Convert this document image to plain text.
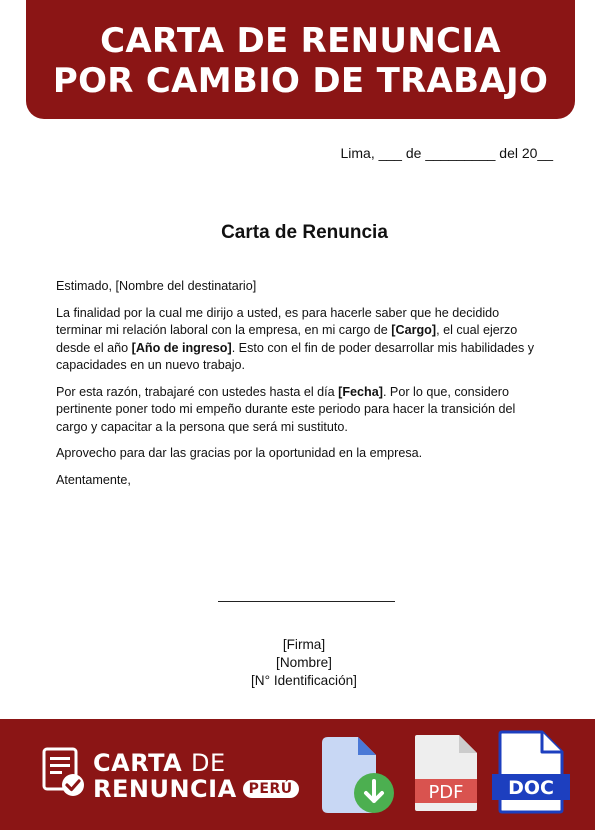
CARTA DE RENUNCIA
POR CAMBIO DE TRABAJO
Lima, ___ de _________ del 20__
Carta de Renuncia

Estimado, [Nombre del destinatario]

La finalidad por la cual me dirijo a usted, es para hacerle saber que he decidido terminar mi relación laboral con la empresa, en mi cargo de [Cargo], el cual ejerzo desde el año [Año de ingreso]. Esto con el fin de poder desarrollar mis habilidades y capacidades en un nuevo trabajo.

Por esta razón, trabajaré con ustedes hasta el día [Fecha]. Por lo que, considero pertinente poner todo mi empeño durante este periodo para hacer la transición del cargo y capacitar a la persona que será mi sustituto.

Aprovecho para dar las gracias por la oportunidad en la empresa.

Atentamente,

[Firma]
[Nombre]
[N° Identificación]
CARTA DE
RENUNCIA PERÚ	PDF DOC
